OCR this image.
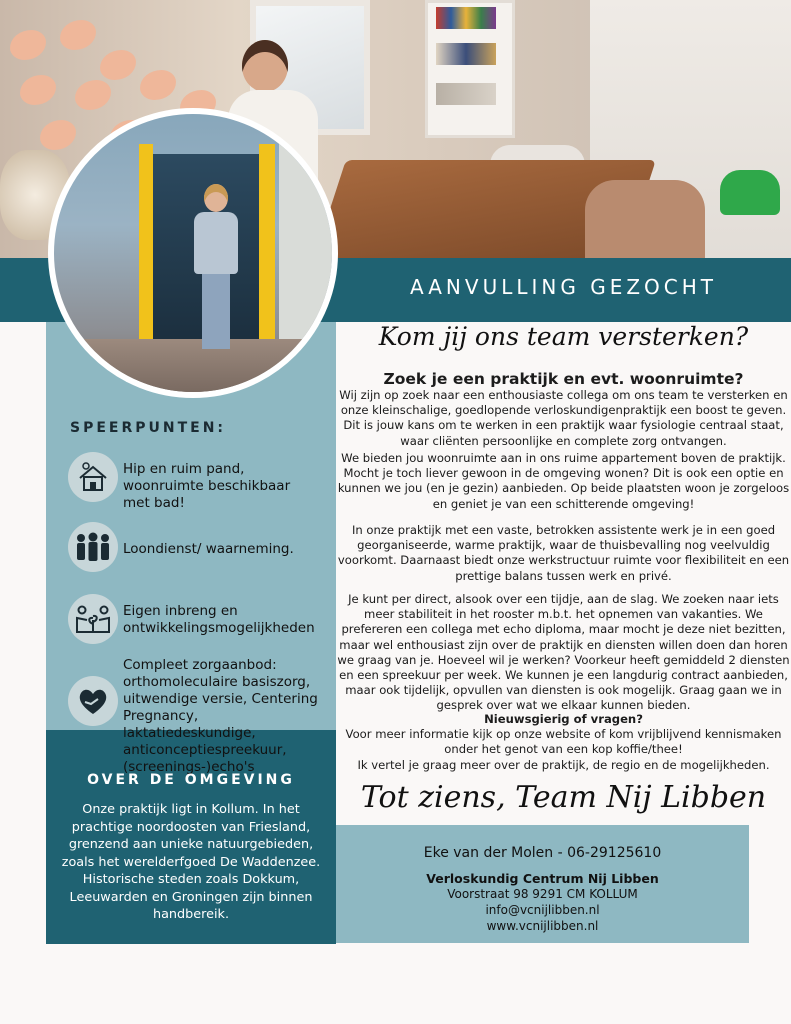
AANVULLING GEZOCHT
SPEERPUNTEN:
Hip en ruim pand, woonruimte beschikbaar met bad!
Loondienst/ waarneming.
Eigen inbreng en ontwikkelingsmogelijkheden
Compleet zorgaanbod: orthomoleculaire basiszorg, uitwendige versie, Centering Pregnancy, laktatiedeskundige, anticonceptiespreekuur, (screenings-)echo's
OVER DE OMGEVING
Onze praktijk ligt in Kollum. In het prachtige noordoosten van Friesland, grenzend aan unieke natuurgebieden, zoals het werelderfgoed De Waddenzee. Historische steden zoals Dokkum, Leeuwarden en Groningen zijn binnen handbereik.
Kom jij ons team versterken?
Zoek je een praktijk en evt. woonruimte?
Wij zijn op zoek naar een enthousiaste collega om ons team te versterken en onze kleinschalige, goedlopende verloskundigenpraktijk een boost te geven. Dit is jouw kans om te werken in een praktijk waar fysiologie centraal staat, waar cliënten persoonlijke en complete zorg ontvangen.
We bieden jou woonruimte aan in ons ruime appartement boven de praktijk. Mocht je toch liever gewoon in de omgeving wonen? Dit is ook een optie en kunnen we jou (en je gezin) aanbieden. Op beide plaatsten woon je zorgeloos en geniet je van een schitterende omgeving!
In onze praktijk met een vaste, betrokken assistente werk je in een goed georganiseerde, warme praktijk, waar de thuisbevalling nog veelvuldig voorkomt. Daarnaast biedt onze werkstructuur ruimte voor flexibiliteit en een prettige balans tussen werk en privé.
Je kunt per direct, alsook over een tijdje, aan de slag. We zoeken naar iets meer stabiliteit in het rooster m.b.t. het opnemen van vakanties. We prefereren een collega met echo diploma, maar mocht je deze niet bezitten, maar wel enthousiast zijn over de praktijk en diensten willen doen dan horen we graag van je. Hoeveel wil je werken? Voorkeur heeft gemiddeld 2 diensten en een spreekuur per week. We kunnen je een langdurig contract aanbieden, maar ook tijdelijk, opvullen van diensten is ook mogelijk. Graag gaan we in gesprek over wat we elkaar kunnen bieden.
Nieuwsgierig of vragen?
Voor meer informatie kijk op onze website of kom vrijblijvend kennismaken onder het genot van een kop koffie/thee!
Ik vertel je graag meer over de praktijk, de regio en de mogelijkheden.
Tot ziens, Team Nij Libben
Eke van der Molen - 06-29125610
Verloskundig Centrum Nij Libben
Voorstraat 98 9291 CM KOLLUM
info@vcnijlibben.nl
www.vcnijlibben.nl
